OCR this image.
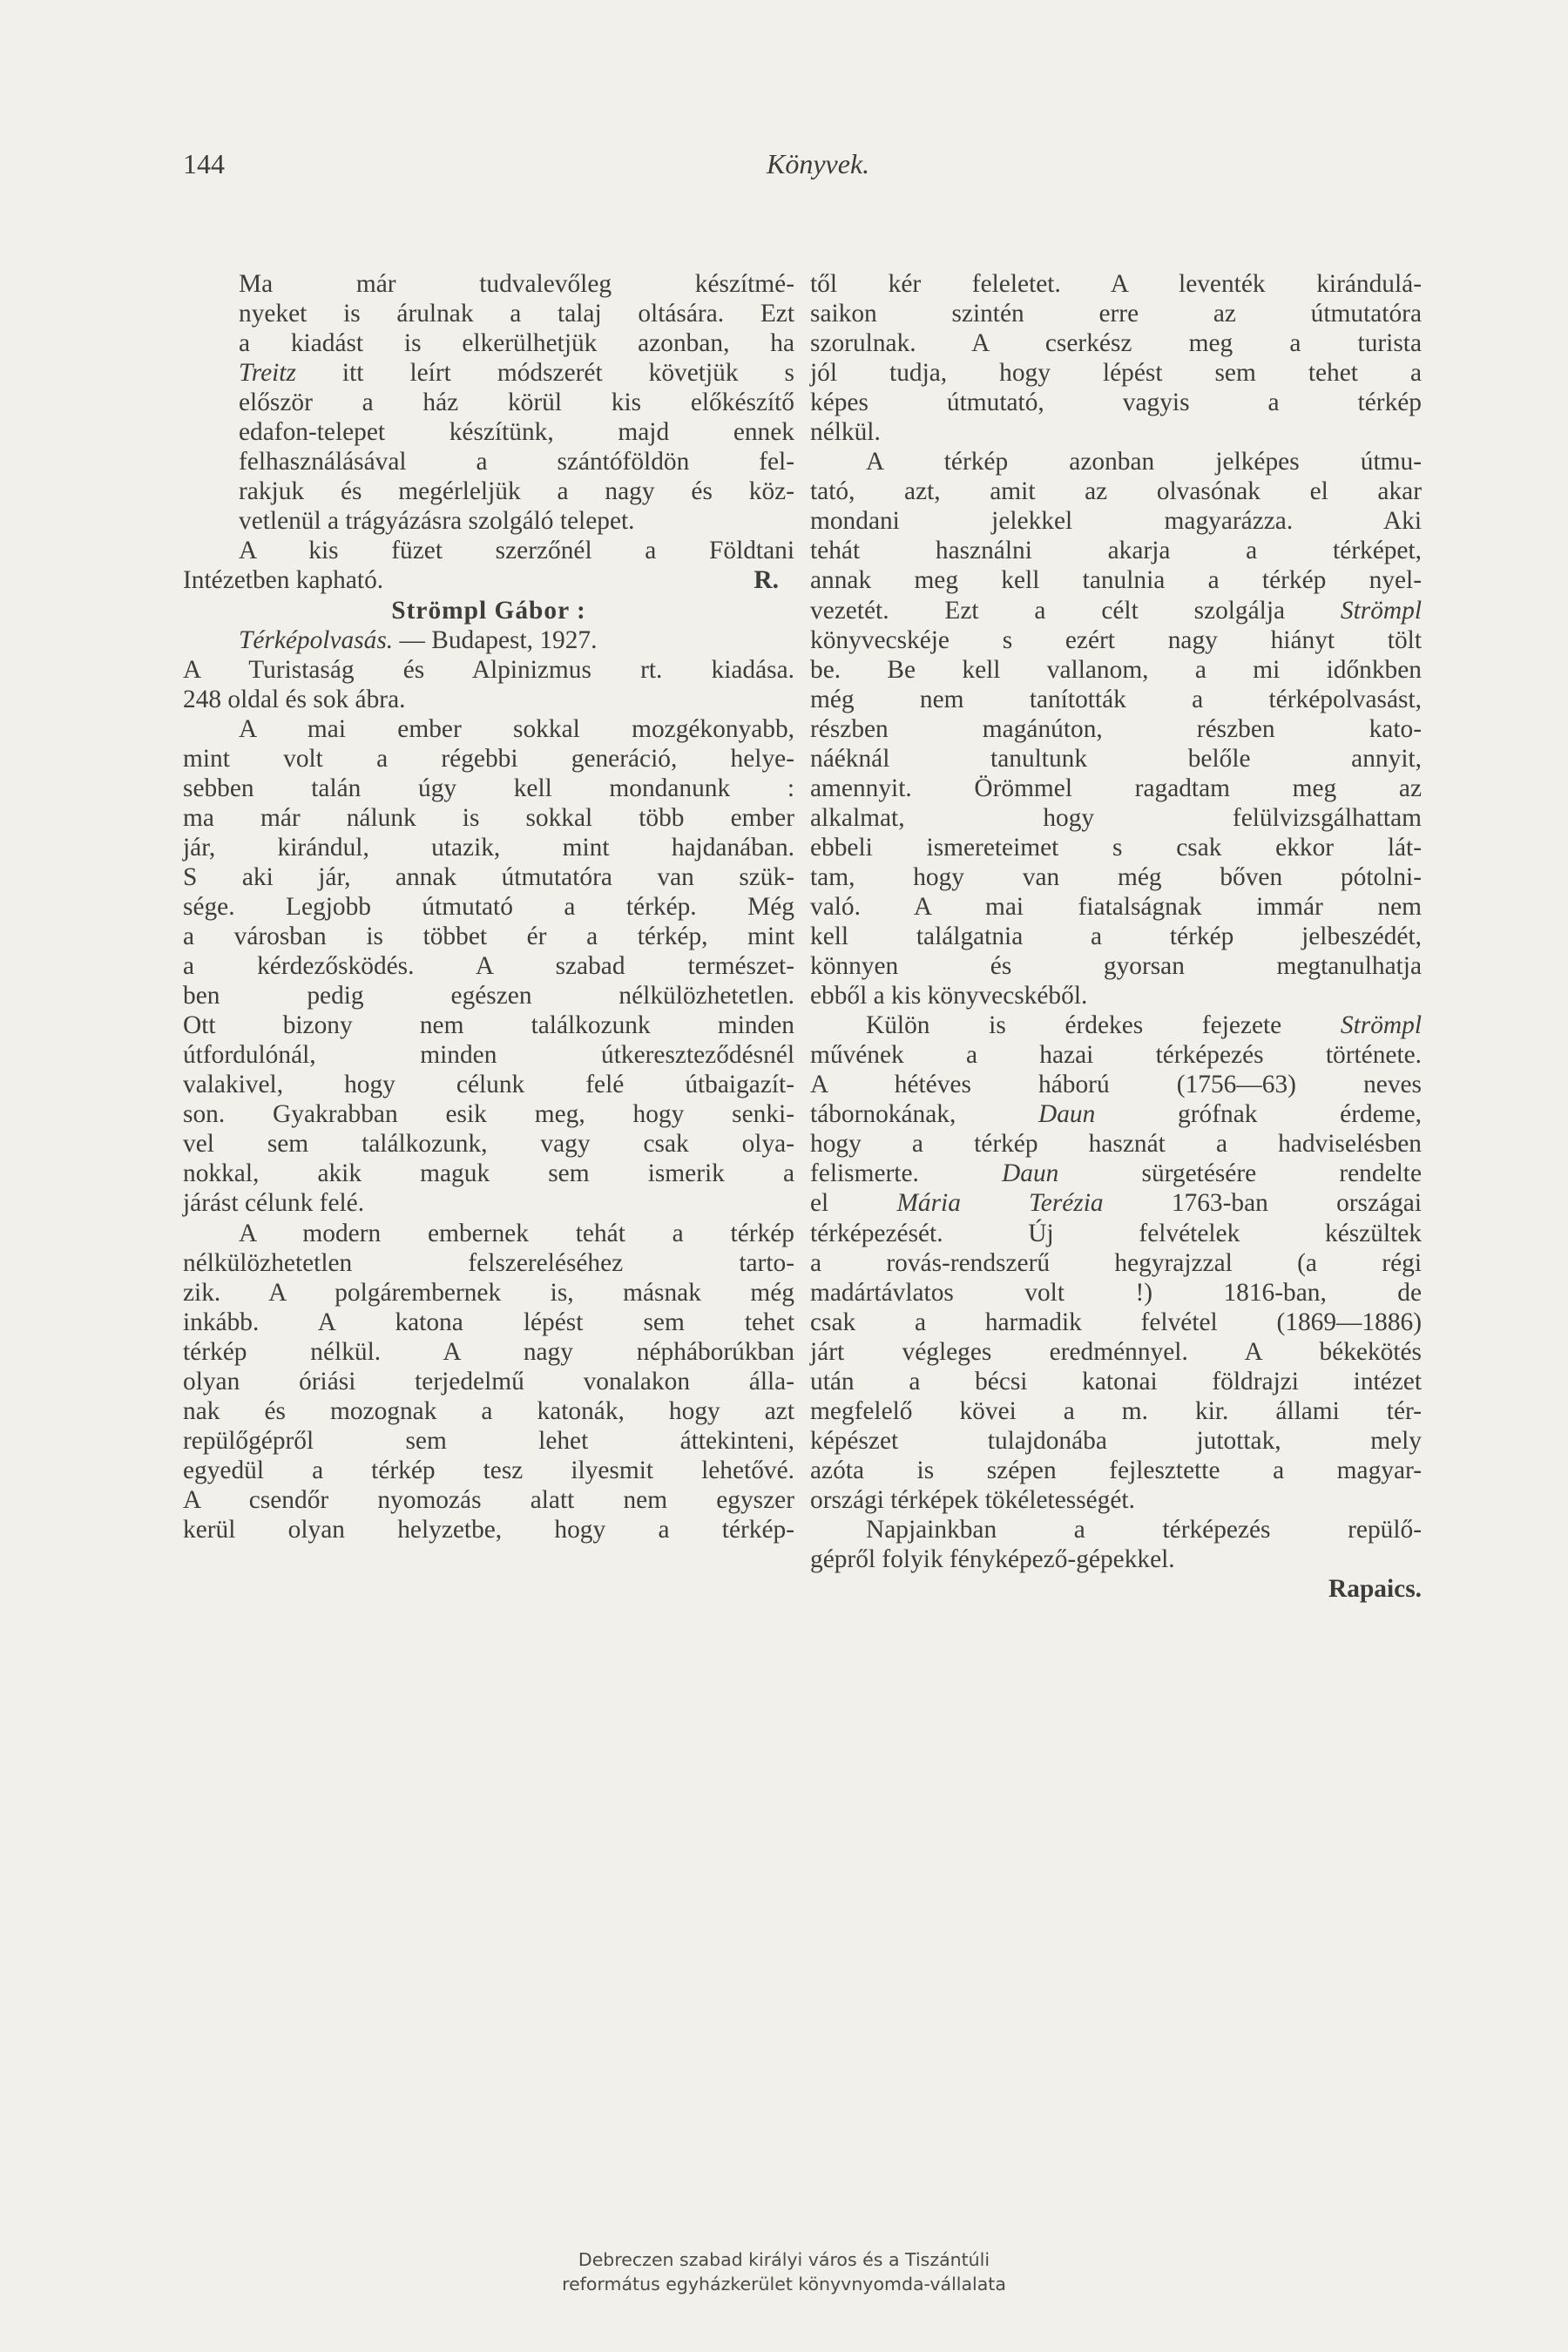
144	Könyvek.

Ma már tudvalevőleg készítmé-
nyeket is árulnak a talaj oltására. Ezt
a kiadást is elkerülhetjük azonban, ha
Treitz itt leírt módszerét követjük s
először a ház körül kis előkészítő
edafon-telepet készítünk, majd ennek
felhasználásával a szántóföldön fel-
rakjuk és megérleljük a nagy és köz-
vetlenül a trágyázásra szolgáló telepet.

A kis füzet szerzőnél a Földtani
Intézetben kapható.	R.

Strömpl Gábor :

Térképolvasás. — Budapest, 1927.
A Turistaság és Alpinizmus rt. kiadása.
248 oldal és sok ábra.

A mai ember sokkal mozgékonyabb,
mint volt a régebbi generáció, helye-
sebben talán úgy kell mondanunk :
ma már nálunk is sokkal több ember
jár, kirándul, utazik, mint hajdanában.
S aki jár, annak útmutatóra van szük-
sége. Legjobb útmutató a térkép. Még
a városban is többet ér a térkép, mint
a kérdezősködés. A szabad természet-
ben pedig egészen nélkülözhetetlen.
Ott bizony nem találkozunk minden
útfordulónál, minden útkereszteződésnél
valakivel, hogy célunk felé útbaigazít-
son. Gyakrabban esik meg, hogy senki-
vel sem találkozunk, vagy csak olya-
nokkal, akik maguk sem ismerik a
járást célunk felé.

A modern embernek tehát a térkép
nélkülözhetetlen felszereléséhez tarto-
zik. A polgárembernek is, másnak még
inkább. A katona lépést sem tehet
térkép nélkül. A nagy népháborúkban
olyan óriási terjedelmű vonalakon álla-
nak és mozognak a katonák, hogy azt
repülőgépről sem lehet áttekinteni,
egyedül a térkép tesz ilyesmit lehetővé.
A csendőr nyomozás alatt nem egyszer
kerül olyan helyzetbe, hogy a térkép-

től kér feleletet. A leventék kirándulá-
saikon szintén erre az útmutatóra
szorulnak. A cserkész meg a turista
jól tudja, hogy lépést sem tehet a
képes útmutató, vagyis a térkép
nélkül.

A térkép azonban jelképes útmu-
tató, azt, amit az olvasónak el akar
mondani jelekkel magyarázza. Aki
tehát használni akarja a térképet,
annak meg kell tanulnia a térkép nyel-
vezetét. Ezt a célt szolgálja Strömpl
könyvecskéje s ezért nagy hiányt tölt
be. Be kell vallanom, a mi időnkben
még nem tanították a térképolvasást,
részben magánúton, részben kato-
náéknál tanultunk belőle annyit,
amennyit. Örömmel ragadtam meg az
alkalmat, hogy felülvizsgálhattam
ebbeli ismereteimet s csak ekkor lát-
tam, hogy van még bőven pótolni-
való. A mai fiatalságnak immár nem
kell találgatnia a térkép jelbeszédét,
könnyen és gyorsan megtanulhatja
ebből a kis könyvecskéből.

Külön is érdekes fejezete Strömpl
művének a hazai térképezés története.
A hétéves háború (1756—63) neves
tábornokának, Daun grófnak érdeme,
hogy a térkép hasznát a hadviselésben
felismerte. Daun sürgetésére rendelte
el Mária Terézia 1763-ban országai
térképezését. Új felvételek készültek
a rovás-rendszerű hegyrajzzal (a régi
madártávlatos volt !) 1816-ban, de
csak a harmadik felvétel (1869—1886)
járt végleges eredménnyel. A békekötés
után a bécsi katonai földrajzi intézet
megfelelő kövei a m. kir. állami tér-
képészet tulajdonába jutottak, mely
azóta is szépen fejlesztette a magyar-
országi térképek tökéletességét.

Napjainkban a térképezés repülő-
gépről folyik fényképező-gépekkel.

Rapaics.

Debreczen szabad királyi város és a Tiszántúli
református egyházkerület könyvnyomda-vállalata
